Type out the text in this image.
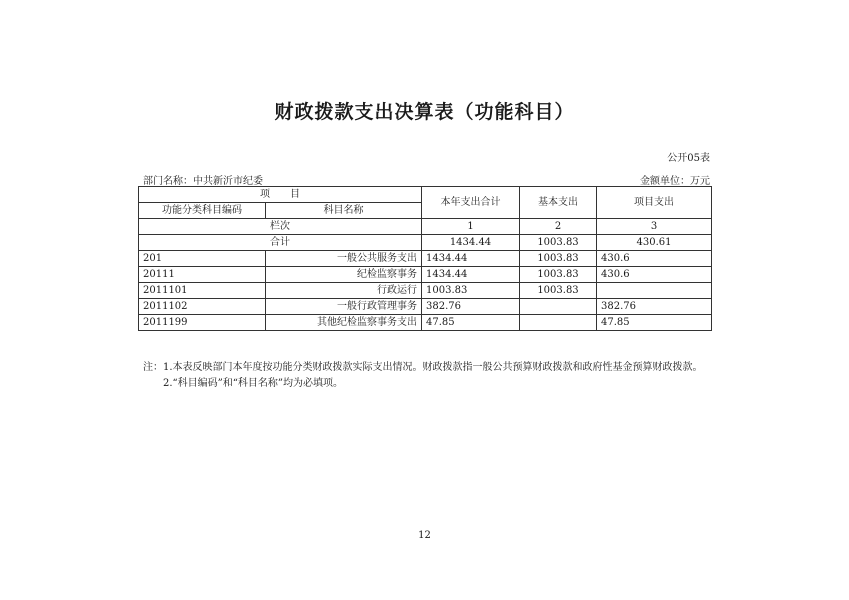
财政拨款支出决算表（功能科目）
公开05表
部门名称：中共新沂市纪委	金额单位：万元
项　　目		本年支出合计	基本支出	项目支出
功能分类科目编码	科目名称			
栏次		1	2	3
合计		1434.44	1003.83	430.61
201	一般公共服务支出	1434.44	1003.83	430.6
20111	纪检监察事务	1434.44	1003.83	430.6
2011101	行政运行	1003.83	1003.83	
2011102	一般行政管理事务	382.76		382.76
2011199	其他纪检监察事务支出	47.85		47.85
注：1.本表反映部门本年度按功能分类财政拨款实际支出情况。财政拨款指一般公共预算财政拨款和政府性基金预算财政拨款。
2.“科目编码”和“科目名称”均为必填项。
12
